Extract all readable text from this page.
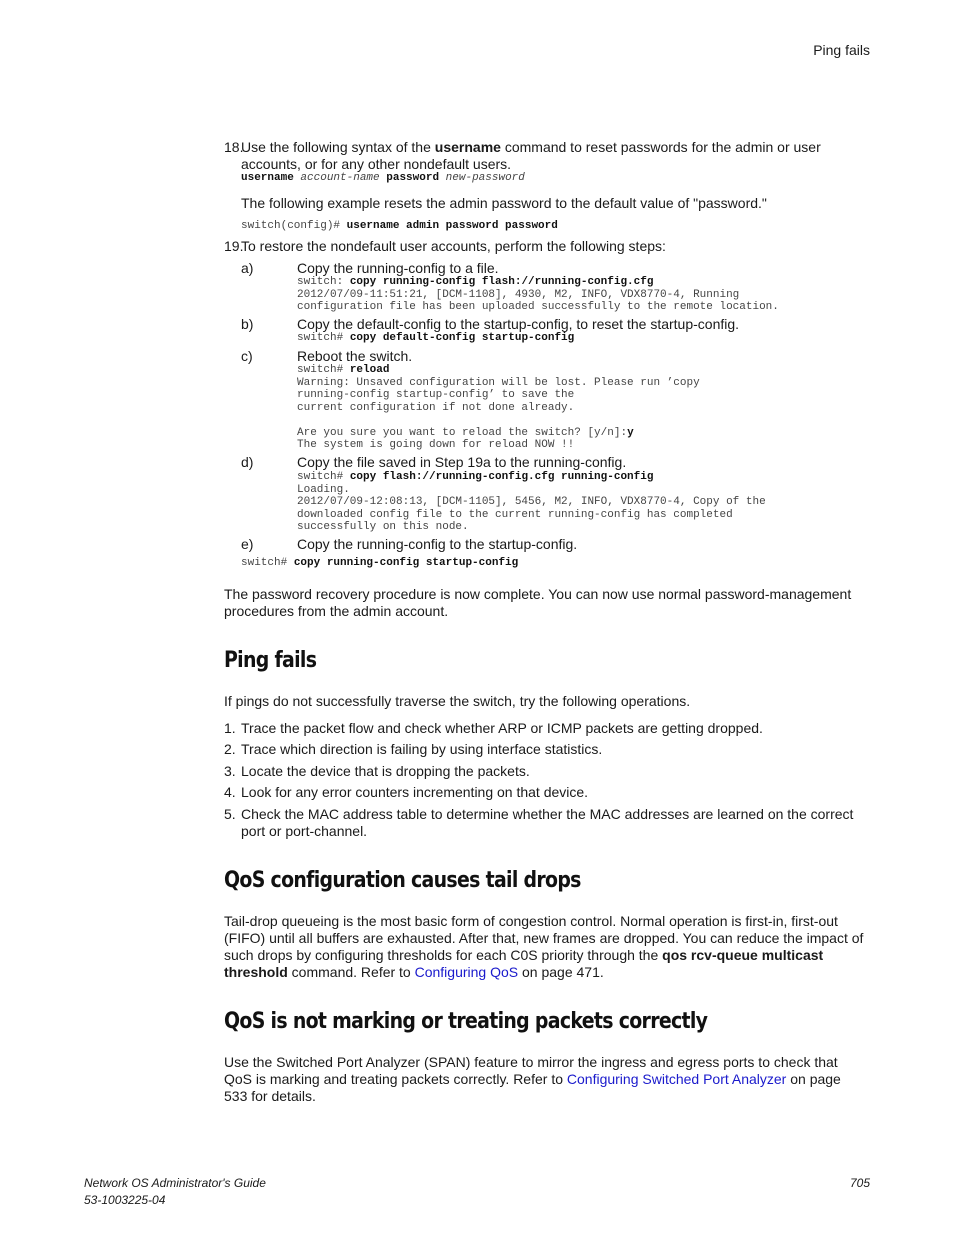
Ping fails
18.
Use the following syntax of the username command to reset passwords for the admin or user
accounts, or for any other nondefault users.
username account-name password new-password
The following example resets the admin password to the default value of "password."
switch(config)# username admin password password
19.
To restore the nondefault user accounts, perform the following steps:
a)	Copy the running-config to a file.
switch: copy running-config flash://running-config.cfg
2012/07/09-11:51:21, [DCM-1108], 4930, M2, INFO, VDX8770-4, Running
configuration file has been uploaded successfully to the remote location.
b)	Copy the default-config to the startup-config, to reset the startup-config.
switch# copy default-config startup-config
c)	Reboot the switch.
switch# reload
Warning: Unsaved configuration will be lost. Please run ’copy
running-config startup-config’ to save the
current configuration if not done already.

Are you sure you want to reload the switch? [y/n]:y
The system is going down for reload NOW !!
d)	Copy the file saved in Step 19a to the running-config.
switch# copy flash://running-config.cfg running-config
Loading.
2012/07/09-12:08:13, [DCM-1105], 5456, M2, INFO, VDX8770-4, Copy of the
downloaded config file to the current running-config has completed
successfully on this node.
e)	Copy the running-config to the startup-config.
switch# copy running-config startup-config
The password recovery procedure is now complete. You can now use normal password-management
procedures from the admin account.
Ping fails
If pings do not successfully traverse the switch, try the following operations.
1. Trace the packet flow and check whether ARP or ICMP packets are getting dropped.
2. Trace which direction is failing by using interface statistics.
3. Locate the device that is dropping the packets.
4. Look for any error counters incrementing on that device.
5. Check the MAC address table to determine whether the MAC addresses are learned on the correct
port or port-channel.
QoS configuration causes tail drops
Tail-drop queueing is the most basic form of congestion control. Normal operation is first-in, first-out
(FIFO) until all buffers are exhausted. After that, new frames are dropped. You can reduce the impact of
such drops by configuring thresholds for each C0S priority through the qos rcv-queue multicast
threshold command. Refer to Configuring QoS on page 471.
QoS is not marking or treating packets correctly
Use the Switched Port Analyzer (SPAN) feature to mirror the ingress and egress ports to check that
QoS is marking and treating packets correctly. Refer to Configuring Switched Port Analyzer on page
533 for details.
Network OS Administrator's Guide
53-1003225-04
705
